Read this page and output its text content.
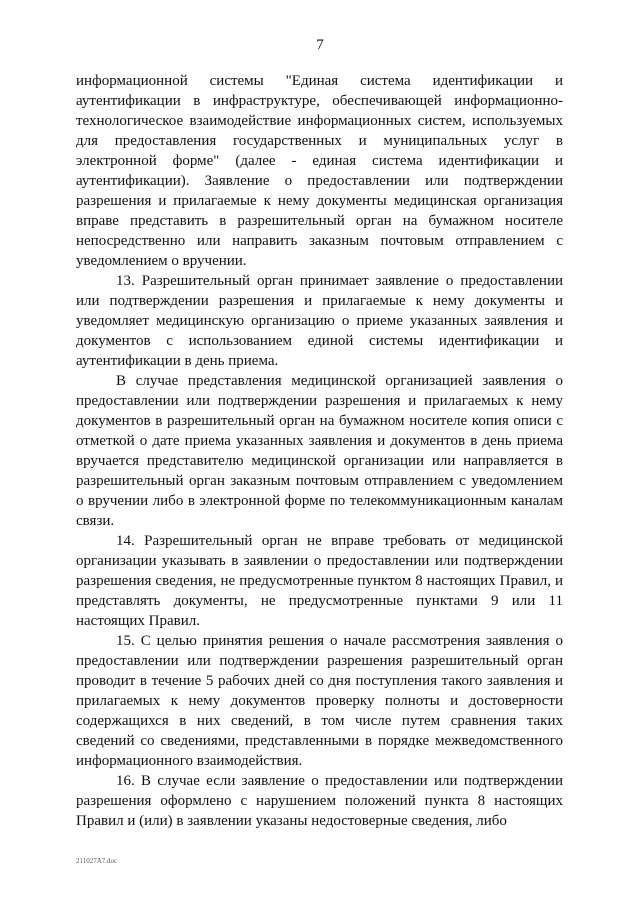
7

информационной системы "Единая система идентификации и аутентификации в инфраструктуре, обеспечивающей информационно-технологическое взаимодействие информационных систем, используемых для предоставления государственных и муниципальных услуг в электронной форме" (далее - единая система идентификации и аутентификации). Заявление о предоставлении или подтверждении разрешения и прилагаемые к нему документы медицинская организация вправе представить в разрешительный орган на бумажном носителе непосредственно или направить заказным почтовым отправлением с уведомлением о вручении.

13. Разрешительный орган принимает заявление о предоставлении или подтверждении разрешения и прилагаемые к нему документы и уведомляет медицинскую организацию о приеме указанных заявления и документов с использованием единой системы идентификации и аутентификации в день приема.

В случае представления медицинской организацией заявления о предоставлении или подтверждении разрешения и прилагаемых к нему документов в разрешительный орган на бумажном носителе копия описи с отметкой о дате приема указанных заявления и документов в день приема вручается представителю медицинской организации или направляется в разрешительный орган заказным почтовым отправлением с уведомлением о вручении либо в электронной форме по телекоммуникационным каналам связи.

14. Разрешительный орган не вправе требовать от медицинской организации указывать в заявлении о предоставлении или подтверждении разрешения сведения, не предусмотренные пунктом 8 настоящих Правил, и представлять документы, не предусмотренные пунктами 9 или 11 настоящих Правил.

15. С целью принятия решения о начале рассмотрения заявления о предоставлении или подтверждении разрешения разрешительный орган проводит в течение 5 рабочих дней со дня поступления такого заявления и прилагаемых к нему документов проверку полноты и достоверности содержащихся в них сведений, в том числе путем сравнения таких сведений со сведениями, представленными в порядке межведомственного информационного взаимодействия.

16. В случае если заявление о предоставлении или подтверждении разрешения оформлено с нарушением положений пункта 8 настоящих Правил и (или) в заявлении указаны недостоверные сведения, либо

211027A7.doc
